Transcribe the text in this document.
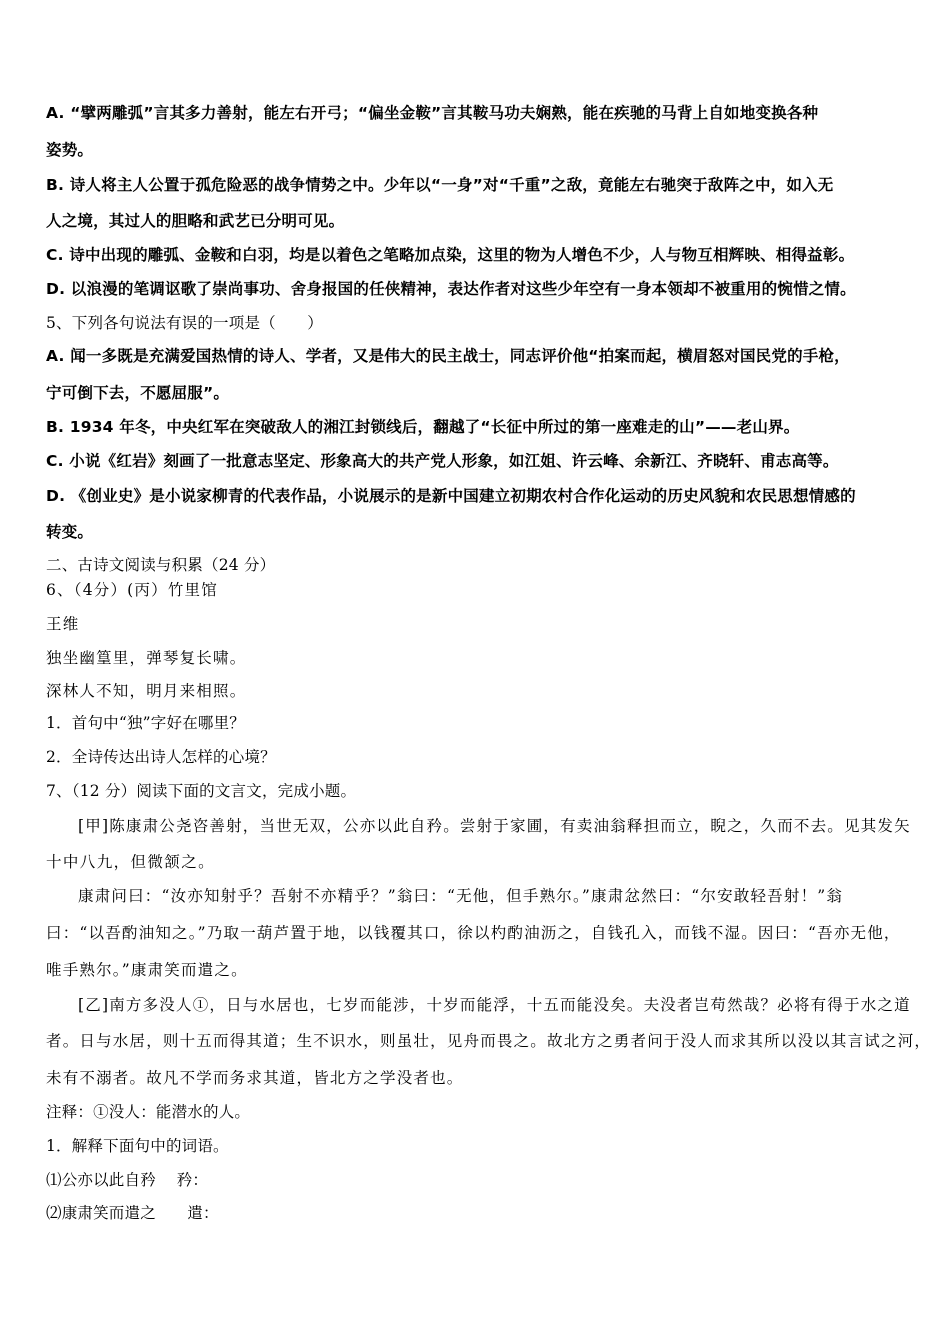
A. “擘两雕弧”言其多力善射，能左右开弓；“偏坐金鞍”言其鞍马功夫娴熟，能在疾驰的马背上自如地变换各种
姿势。
B. 诗人将主人公置于孤危险恶的战争情势之中。少年以“一身”对“千重”之敌，竟能左右驰突于敌阵之中，如入无
人之境，其过人的胆略和武艺已分明可见。
C. 诗中出现的雕弧、金鞍和白羽，均是以着色之笔略加点染，这里的物为人增色不少，人与物互相辉映、相得益彰。
D. 以浪漫的笔调讴歌了崇尚事功、舍身报国的任侠精神，表达作者对这些少年空有一身本领却不被重用的惋惜之情。
5、下列各句说法有误的一项是（　　）
A. 闻一多既是充满爱国热情的诗人、学者，又是伟大的民主战士，同志评价他“拍案而起，横眉怒对国民党的手枪，
宁可倒下去，不愿屈服”。
B. 1934 年冬，中央红军在突破敌人的湘江封锁线后，翻越了“长征中所过的第一座难走的山”——老山界。
C. 小说《红岩》刻画了一批意志坚定、形象高大的共产党人形象，如江姐、许云峰、余新江、齐晓轩、甫志高等。
D. 《创业史》是小说家柳青的代表作品，小说展示的是新中国建立初期农村合作化运动的历史风貌和农民思想情感的
转变。
二、古诗文阅读与积累（24 分）
6、（4分）(丙）竹里馆
王维
独坐幽篁里，弹琴复长啸。
深林人不知，明月来相照。
1．首句中“独”字好在哪里？
2．全诗传达出诗人怎样的心境？
7、（12 分）阅读下面的文言文，完成小题。
[甲]陈康肃公尧咨善射，当世无双，公亦以此自矜。尝射于家圃，有卖油翁释担而立，睨之，久而不去。见其发矢
十中八九，但微颔之。
康肃问曰：“汝亦知射乎？吾射不亦精乎？”翁曰：“无他，但手熟尔。”康肃忿然曰：“尔安敢轻吾射！”翁
曰：“以吾酌油知之。”乃取一葫芦置于地，以钱覆其口，徐以杓酌油沥之，自钱孔入，而钱不湿。因曰：“吾亦无他，
唯手熟尔。”康肃笑而遣之。
[乙]南方多没人①，日与水居也，七岁而能涉，十岁而能浮，十五而能没矣。夫没者岂苟然哉？必将有得于水之道
者。日与水居，则十五而得其道；生不识水，则虽壮，见舟而畏之。故北方之勇者问于没人而求其所以没以其言试之河，
未有不溺者。故凡不学而务求其道，皆北方之学没者也。
注释：①没人：能潜水的人。
1．解释下面句中的词语。
⑴公亦以此自矜　 矜：
⑵康肃笑而遣之　　遣：
